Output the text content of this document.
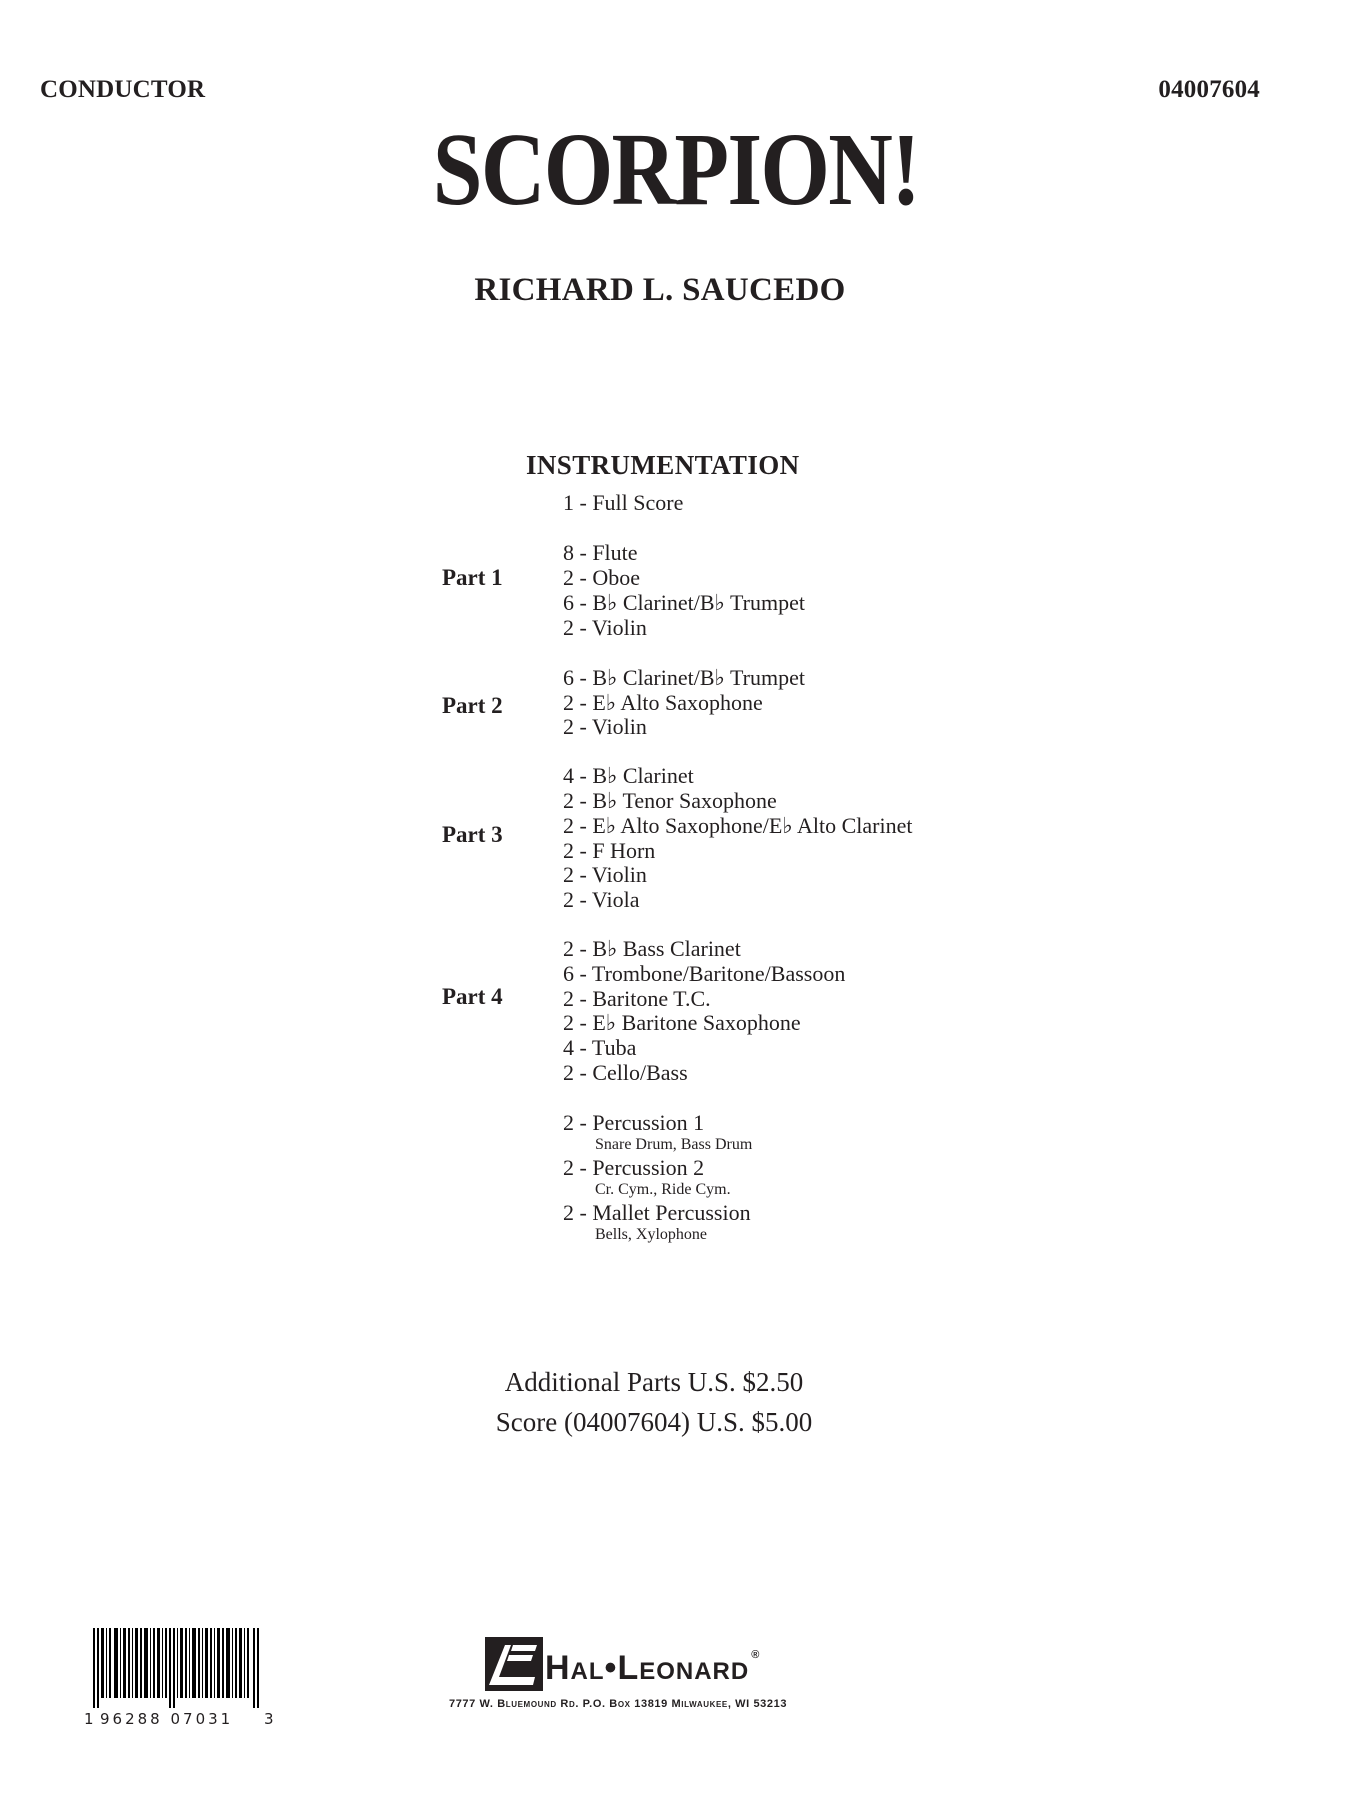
CONDUCTOR	04007604
SCORPION!
RICHARD L. SAUCEDO
INSTRUMENTATION
1 - Full Score
Part 1
8 - Flute
2 - Oboe
6 - B♭ Clarinet/B♭ Trumpet
2 - Violin
Part 2
6 - B♭ Clarinet/B♭ Trumpet
2 - E♭ Alto Saxophone
2 - Violin
Part 3
4 - B♭ Clarinet
2 - B♭ Tenor Saxophone
2 - E♭ Alto Saxophone/E♭ Alto Clarinet
2 - F Horn
2 - Violin
2 - Viola
Part 4
2 - B♭ Bass Clarinet
6 - Trombone/Baritone/Bassoon
2 - Baritone T.C.
2 - E♭ Baritone Saxophone
4 - Tuba
2 - Cello/Bass
2 - Percussion 1
Snare Drum, Bass Drum
2 - Percussion 2
Cr. Cym., Ride Cym.
2 - Mallet Percussion
Bells, Xylophone
Additional Parts U.S. $2.50
Score (04007604) U.S. $5.00
1 96288 07031 3
Hal•Leonard ®
7777 W. Bluemound Rd. P.O. Box 13819 Milwaukee, WI 53213
